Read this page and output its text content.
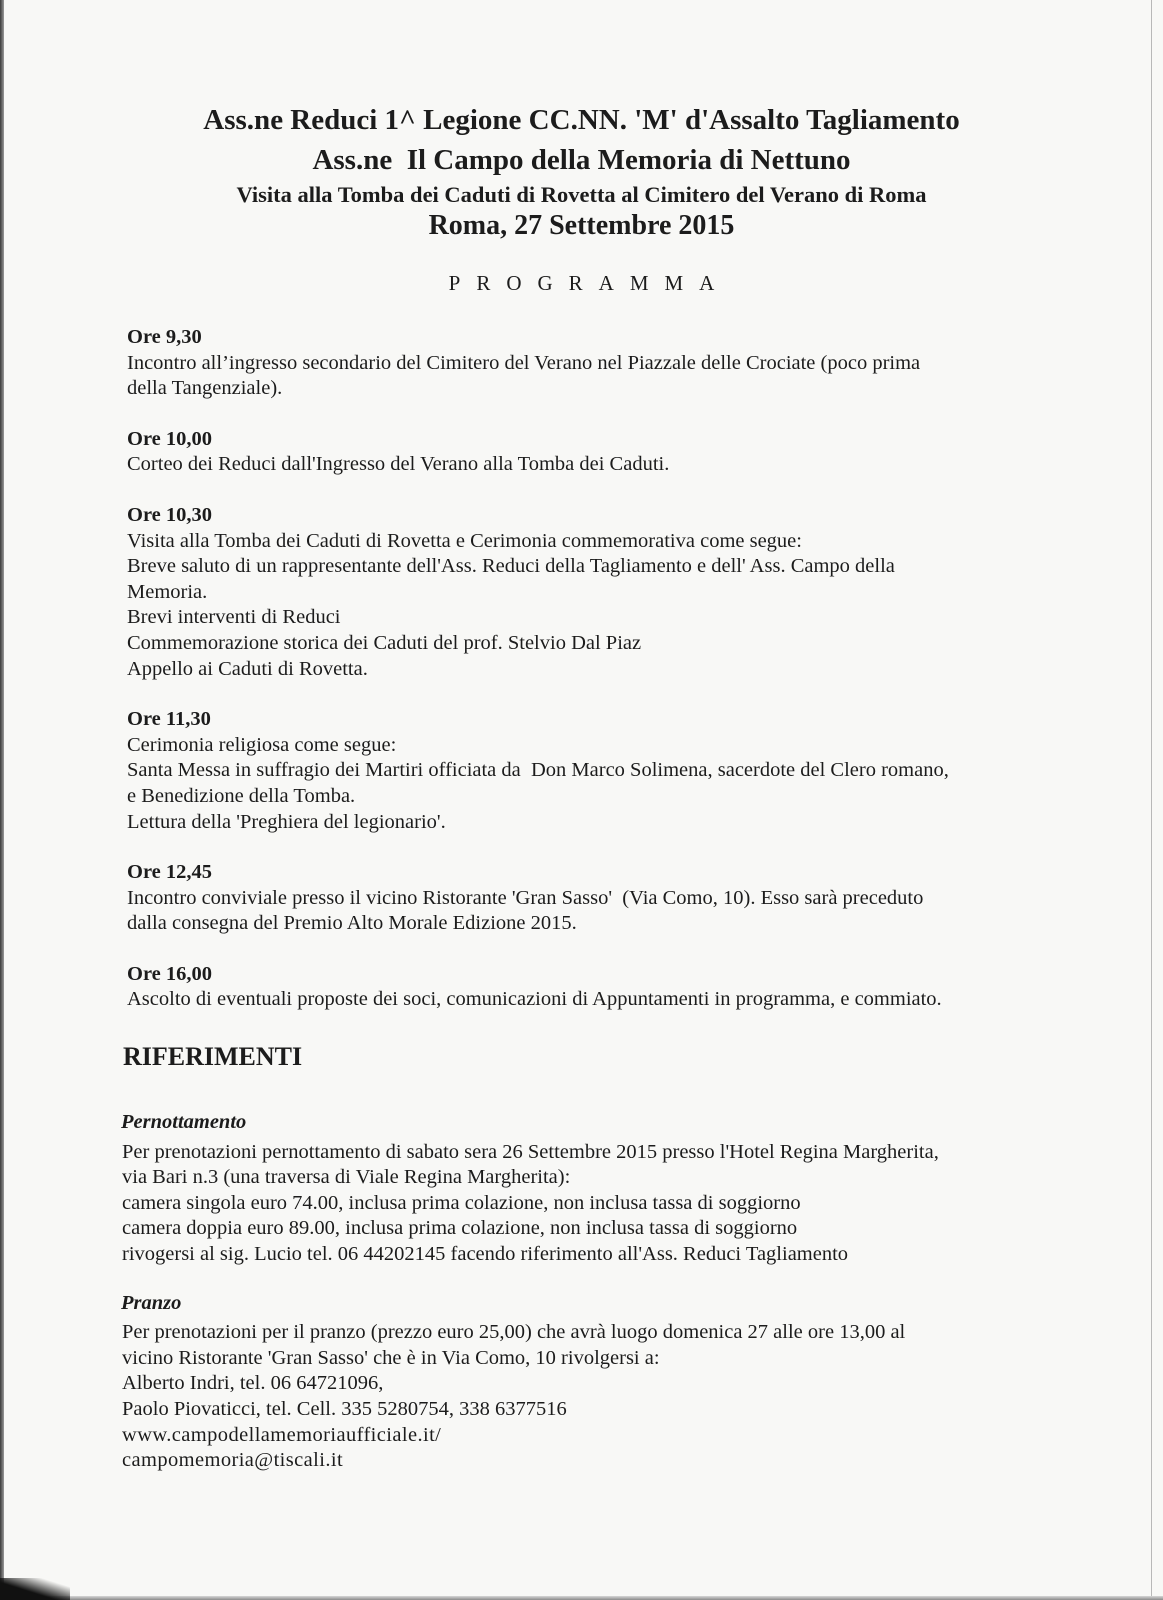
Ass.ne Reduci 1^ Legione CC.NN. 'M' d'Assalto Tagliamento
Ass.ne  Il Campo della Memoria di Nettuno
Visita alla Tomba dei Caduti di Rovetta al Cimitero del Verano di Roma
Roma, 27 Settembre 2015
PROGRAMMA
Ore 9,30
Incontro all’ingresso secondario del Cimitero del Verano nel Piazzale delle Crociate (poco prima
della Tangenziale).
Ore 10,00
Corteo dei Reduci dall'Ingresso del Verano alla Tomba dei Caduti.
Ore 10,30
Visita alla Tomba dei Caduti di Rovetta e Cerimonia commemorativa come segue:
Breve saluto di un rappresentante dell'Ass. Reduci della Tagliamento e dell' Ass. Campo della
Memoria.
Brevi interventi di Reduci
Commemorazione storica dei Caduti del prof. Stelvio Dal Piaz
Appello ai Caduti di Rovetta.
Ore 11,30
Cerimonia religiosa come segue:
Santa Messa in suffragio dei Martiri officiata da  Don Marco Solimena, sacerdote del Clero romano,
e Benedizione della Tomba.
Lettura della 'Preghiera del legionario'.
Ore 12,45
Incontro conviviale presso il vicino Ristorante 'Gran Sasso'  (Via Como, 10). Esso sarà preceduto
dalla consegna del Premio Alto Morale Edizione 2015.
Ore 16,00
Ascolto di eventuali proposte dei soci, comunicazioni di Appuntamenti in programma, e commiato.
RIFERIMENTI
Pernottamento
Per prenotazioni pernottamento di sabato sera 26 Settembre 2015 presso l'Hotel Regina Margherita,
via Bari n.3 (una traversa di Viale Regina Margherita):
camera singola euro 74.00, inclusa prima colazione, non inclusa tassa di soggiorno
camera doppia euro 89.00, inclusa prima colazione, non inclusa tassa di soggiorno
rivogersi al sig. Lucio tel. 06 44202145 facendo riferimento all'Ass. Reduci Tagliamento
Pranzo
Per prenotazioni per il pranzo (prezzo euro 25,00) che avrà luogo domenica 27 alle ore 13,00 al
vicino Ristorante 'Gran Sasso' che è in Via Como, 10 rivolgersi a:
Alberto Indri, tel. 06 64721096,
Paolo Piovaticci, tel. Cell. 335 5280754, 338 6377516
www.campodellamemoriaufficiale.it/
campomemoria@tiscali.it
